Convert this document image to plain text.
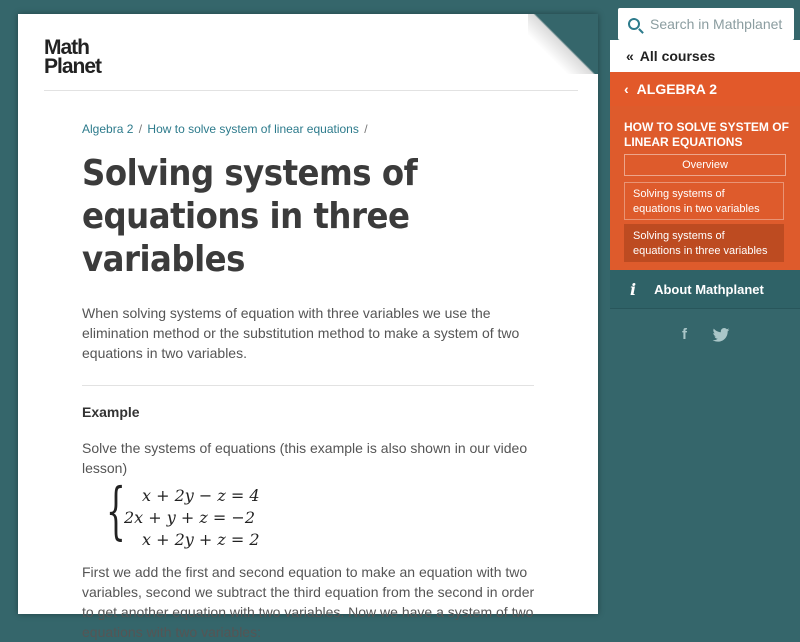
Math
Planet
Algebra 2 / How to solve system of linear equations /
Solving systems of equations in three variables

When solving systems of equation with three variables we use the elimination method or the substitution method to make a system of two equations in two variables.

Example
Solve the systems of equations (this example is also shown in our video lesson)
{ x + 2y − z = 4
2x + y + z = −2
x + 2y + z = 2
First we add the first and second equation to make an equation with two variables, second we subtract the third equation from the second in order to get another equation with two variables. Now we have a system of two equations with two variables:
Search in Mathplanet
« All courses
‹ ALGEBRA 2
HOW TO SOLVE SYSTEM OF LINEAR EQUATIONS
Overview
Solving systems of equations in two variables
Solving systems of equations in three variables
i About Mathplanet
f
